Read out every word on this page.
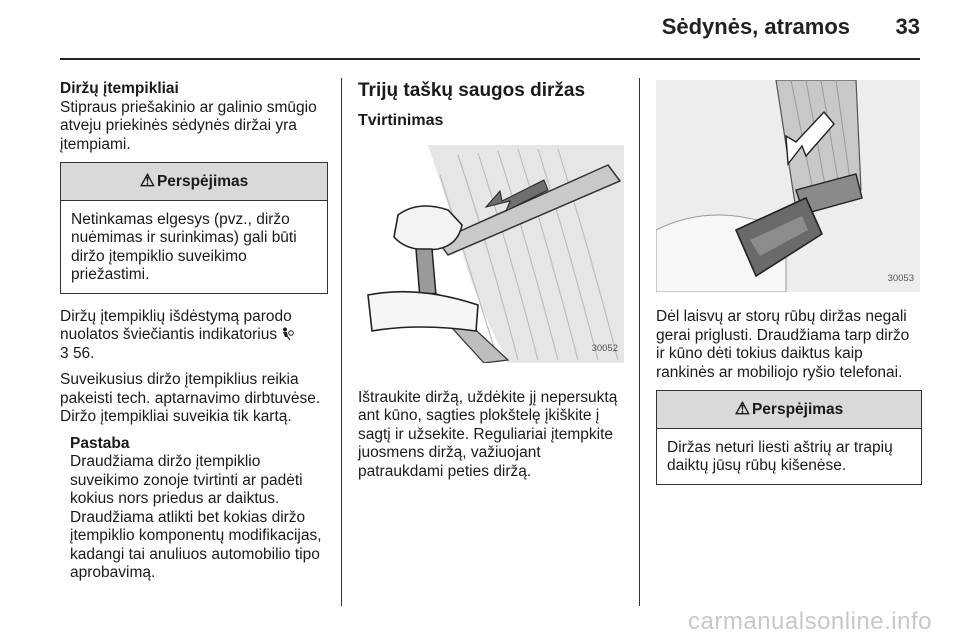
Sėdynės, atramos 33
Diržų įtempikliai

Stipraus priešakinio ar galinio smūgio atveju priekinės sėdynės diržai yra įtempiami.

⚠ Perspėjimas
Netinkamas elgesys (pvz., diržo nuėmimas ir surinkimas) gali būti diržo įtempiklio suveikimo priežastimi.

Diržų įtempiklių išdėstymą parodo nuolatos šviečiantis indikatorius
3 56.

Suveikusius diržo įtempiklius reikia pakeisti tech. aptarnavimo dirbtuvėse. Diržo įtempikliai suveikia tik kartą.

Pastaba
Draudžiama diržo įtempiklio suveikimo zonoje tvirtinti ar padėti kokius nors priedus ar daiktus. Draudžiama atlikti bet kokias diržo įtempiklio komponentų modifikacijas, kadangi tai anuliuos automobilio tipo aprobavimą.
Trijų taškų saugos diržas
Tvirtinimas
30052

Ištraukite diržą, uždėkite jį nepersuktą ant kūno, sagties plokštelę įkiškite į sagtį ir užsekite. Reguliariai įtempkite juosmens diržą, važiuojant patraukdami peties diržą.

30053

Dėl laisvų ar storų rūbų diržas negali gerai priglusti. Draudžiama tarp diržo ir kūno dėti tokius daiktus kaip rankinės ar mobiliojo ryšio telefonai.

⚠ Perspėjimas
Diržas neturi liesti aštrių ar trapių daiktų jūsų rūbų kišenėse.
carmanualsonline.info
